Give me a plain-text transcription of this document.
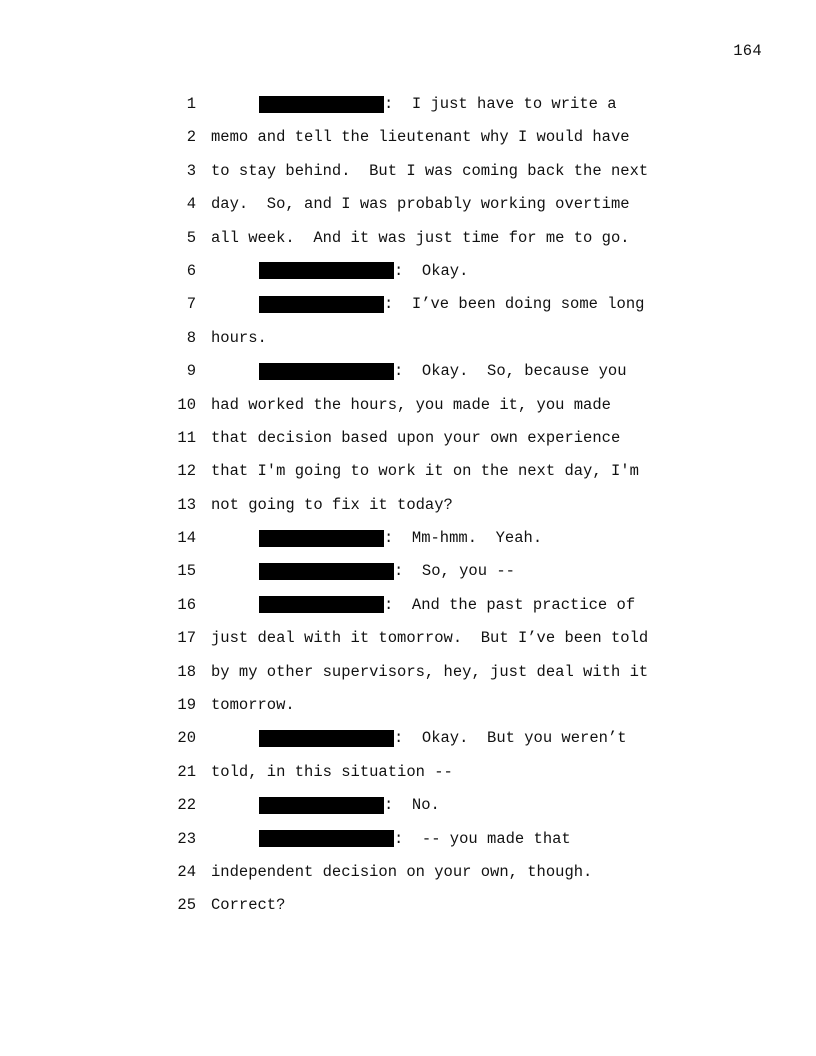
164
1	:  I just have to write a
2 memo and tell the lieutenant why I would have
3 to stay behind.  But I was coming back the next
4 day.  So, and I was probably working overtime
5 all week.  And it was just time for me to go.
6	:  Okay.
7	:  I’ve been doing some long
8 hours.
9	:  Okay.  So, because you
10 had worked the hours, you made it, you made
11 that decision based upon your own experience
12 that I'm going to work it on the next day, I'm
13 not going to fix it today?
14	:  Mm-hmm.  Yeah.
15	:  So, you --
16	:  And the past practice of
17 just deal with it tomorrow.  But I’ve been told
18 by my other supervisors, hey, just deal with it
19 tomorrow.
20	:  Okay.  But you weren’t
21 told, in this situation --
22	:  No.
23	:  -- you made that
24 independent decision on your own, though.
25 Correct?
